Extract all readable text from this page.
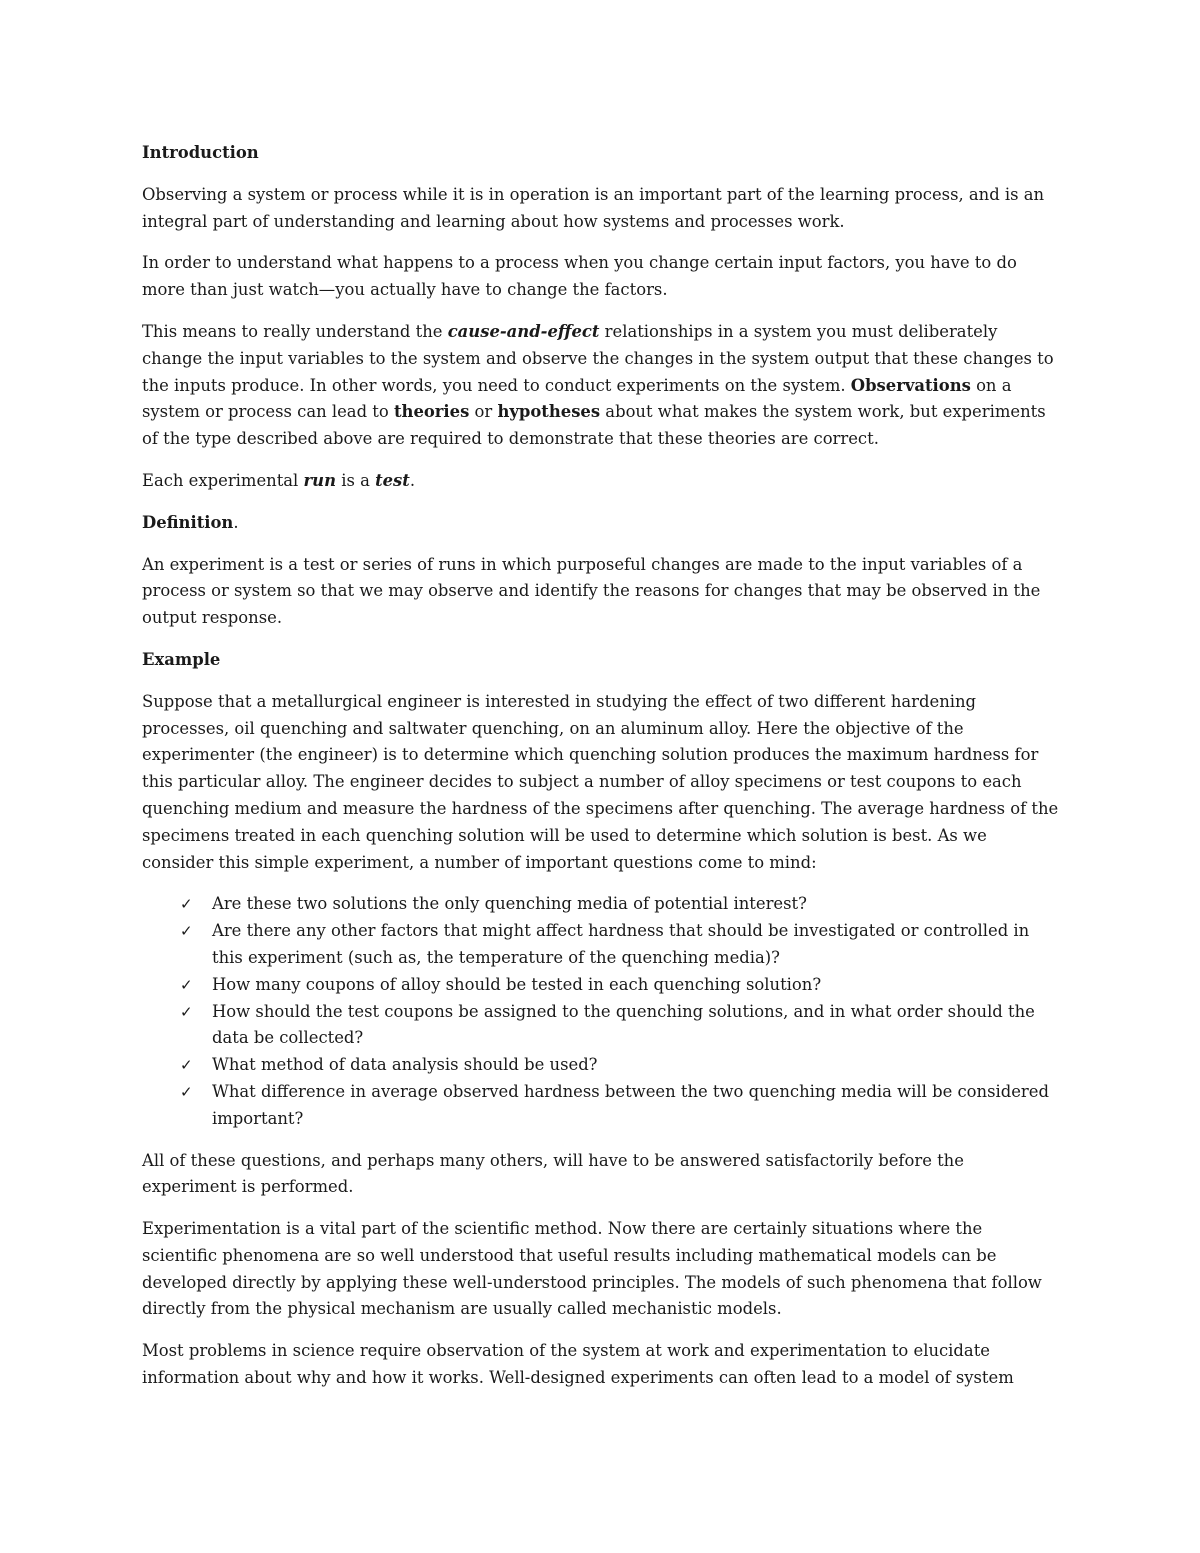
Introduction
Observing a system or process while it is in operation is an important part of the learning process, and is an integral part of understanding and learning about how systems and processes work.
In order to understand what happens to a process when you change certain input factors, you have to do more than just watch—you actually have to change the factors.
This means to really understand the cause-and-effect relationships in a system you must deliberately change the input variables to the system and observe the changes in the system output that these changes to the inputs produce. In other words, you need to conduct experiments on the system. Observations on a system or process can lead to theories or hypotheses about what makes the system work, but experiments of the type described above are required to demonstrate that these theories are correct.
Each experimental run is a test.
Definition.
An experiment is a test or series of runs in which purposeful changes are made to the input variables of a process or system so that we may observe and identify the reasons for changes that may be observed in the output response.
Example
Suppose that a metallurgical engineer is interested in studying the effect of two different hardening processes, oil quenching and saltwater quenching, on an aluminum alloy. Here the objective of the experimenter (the engineer) is to determine which quenching solution produces the maximum hardness for this particular alloy. The engineer decides to subject a number of alloy specimens or test coupons to each quenching medium and measure the hardness of the specimens after quenching. The average hardness of the specimens treated in each quenching solution will be used to determine which solution is best. As we consider this simple experiment, a number of important questions come to mind:
✓ Are these two solutions the only quenching media of potential interest?
✓ Are there any other factors that might affect hardness that should be investigated or controlled in this experiment (such as, the temperature of the quenching media)?
✓ How many coupons of alloy should be tested in each quenching solution?
✓ How should the test coupons be assigned to the quenching solutions, and in what order should the data be collected?
✓ What method of data analysis should be used?
✓ What difference in average observed hardness between the two quenching media will be considered important?
All of these questions, and perhaps many others, will have to be answered satisfactorily before the experiment is performed.
Experimentation is a vital part of the scientific method. Now there are certainly situations where the scientific phenomena are so well understood that useful results including mathematical models can be developed directly by applying these well-understood principles. The models of such phenomena that follow directly from the physical mechanism are usually called mechanistic models.
Most problems in science require observation of the system at work and experimentation to elucidate information about why and how it works. Well-designed experiments can often lead to a model of system
